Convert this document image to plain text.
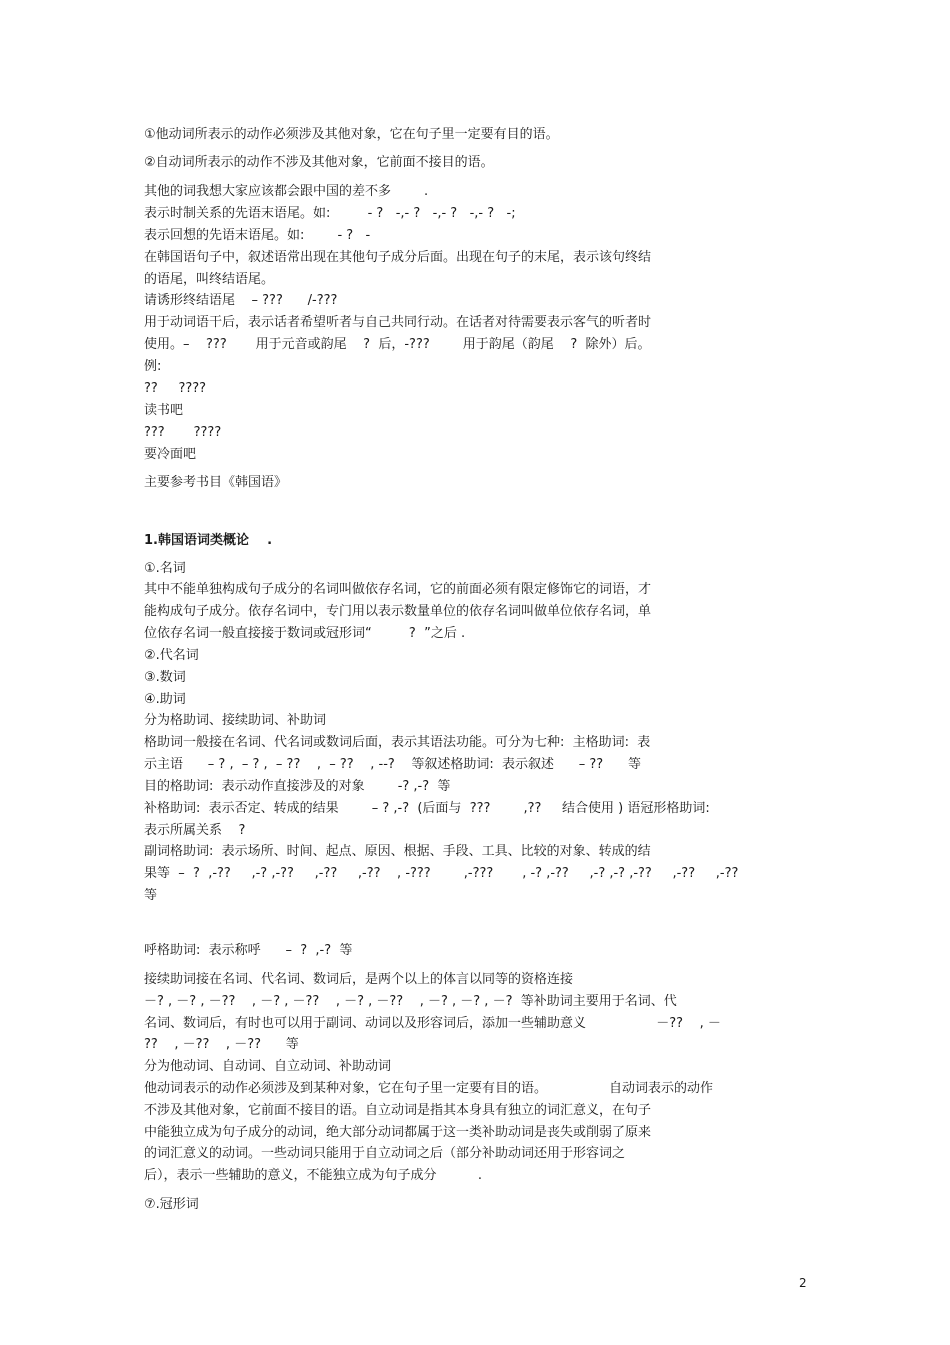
①他动词所表示的动作必须涉及其他对象，它在句子里一定要有目的语。
②自动词所表示的动作不涉及其他对象，它前面不接目的语。
其他的词我想大家应该都会跟中国的差不多        .
表示时制关系的先语末语尾。如:         - ?   -,- ?   -,- ?   -,- ?   -;
表示回想的先语末语尾。如:        - ?   -
在韩国语句子中，叙述语常出现在其他句子成分后面。出现在句子的末尾，表示该句终结
的语尾，叫终结语尾。
请诱形终结语尾    – ???      /-???
用于动词语干后，表示话者希望听者与自己共同行动。在话者对待需要表示客气的听者时
使用。–    ???       用于元音或韵尾    ?  后，-???        用于韵尾（韵尾    ?  除外）后。
例:
??     ????
读书吧
???       ????
要冷面吧
主要参考书目《韩国语》
1.韩国语词类概论    .
①.名词
其中不能单独构成句子成分的名词叫做依存名词，它的前面必须有限定修饰它的词语，才
能构成句子成分。依存名词中，专门用以表示数量单位的依存名词叫做单位依存名词，单
位依存名词一般直接接于数词或冠形词“         ?  ”之后 .
②.代名词
③.数词
④.助词
分为格助词、接续助词、补助词
格助词一般接在名词、代名词或数词后面，表示其语法功能。可分为七种:  主格助词:  表
示主语      – ? ,  – ? ,  – ??    ,  – ??    , --?    等叙述格助词:  表示叙述      – ??      等
目的格助词:  表示动作直接涉及的对象        -? ,-?  等
补格助词:  表示否定、转成的结果        – ? ,-?  (后面与  ???        ,??     结合使用 ) 语冠形格助词:
表示所属关系    ?
副词格助词:  表示场所、时间、起点、原因、根据、手段、工具、比较的对象、转成的结
果等  –  ?  ,-??     ,-? ,-??     ,-??     ,-??    , -???        ,-???       , -? ,-??     ,-? ,-? ,-??     ,-??     ,-??
等
呼格助词:  表示称呼      –  ?  ,-?  等
接续助词接在名词、代名词、数词后，是两个以上的体言以同等的资格连接
－? , －? , －??    , －? , －??    , －? , －??    , －? , －? , －?  等补助词主要用于名词、代
名词、数词后，有时也可以用于副词、动词以及形容词后，添加一些辅助意义                 －??    , －
??    , －??    , －??      等
分为他动词、自动词、自立动词、补助动词
他动词表示的动作必须涉及到某种对象，它在句子里一定要有目的语。               自动词表示的动作
不涉及其他对象，它前面不接目的语。自立动词是指其本身具有独立的词汇意义，在句子
中能独立成为句子成分的动词，绝大部分动词都属于这一类补助动词是丧失或削弱了原来
的词汇意义的动词。一些动词只能用于自立动词之后（部分补助动词还用于形容词之
后），表示一些辅助的意义，不能独立成为句子成分          .
⑦.冠形词
2
